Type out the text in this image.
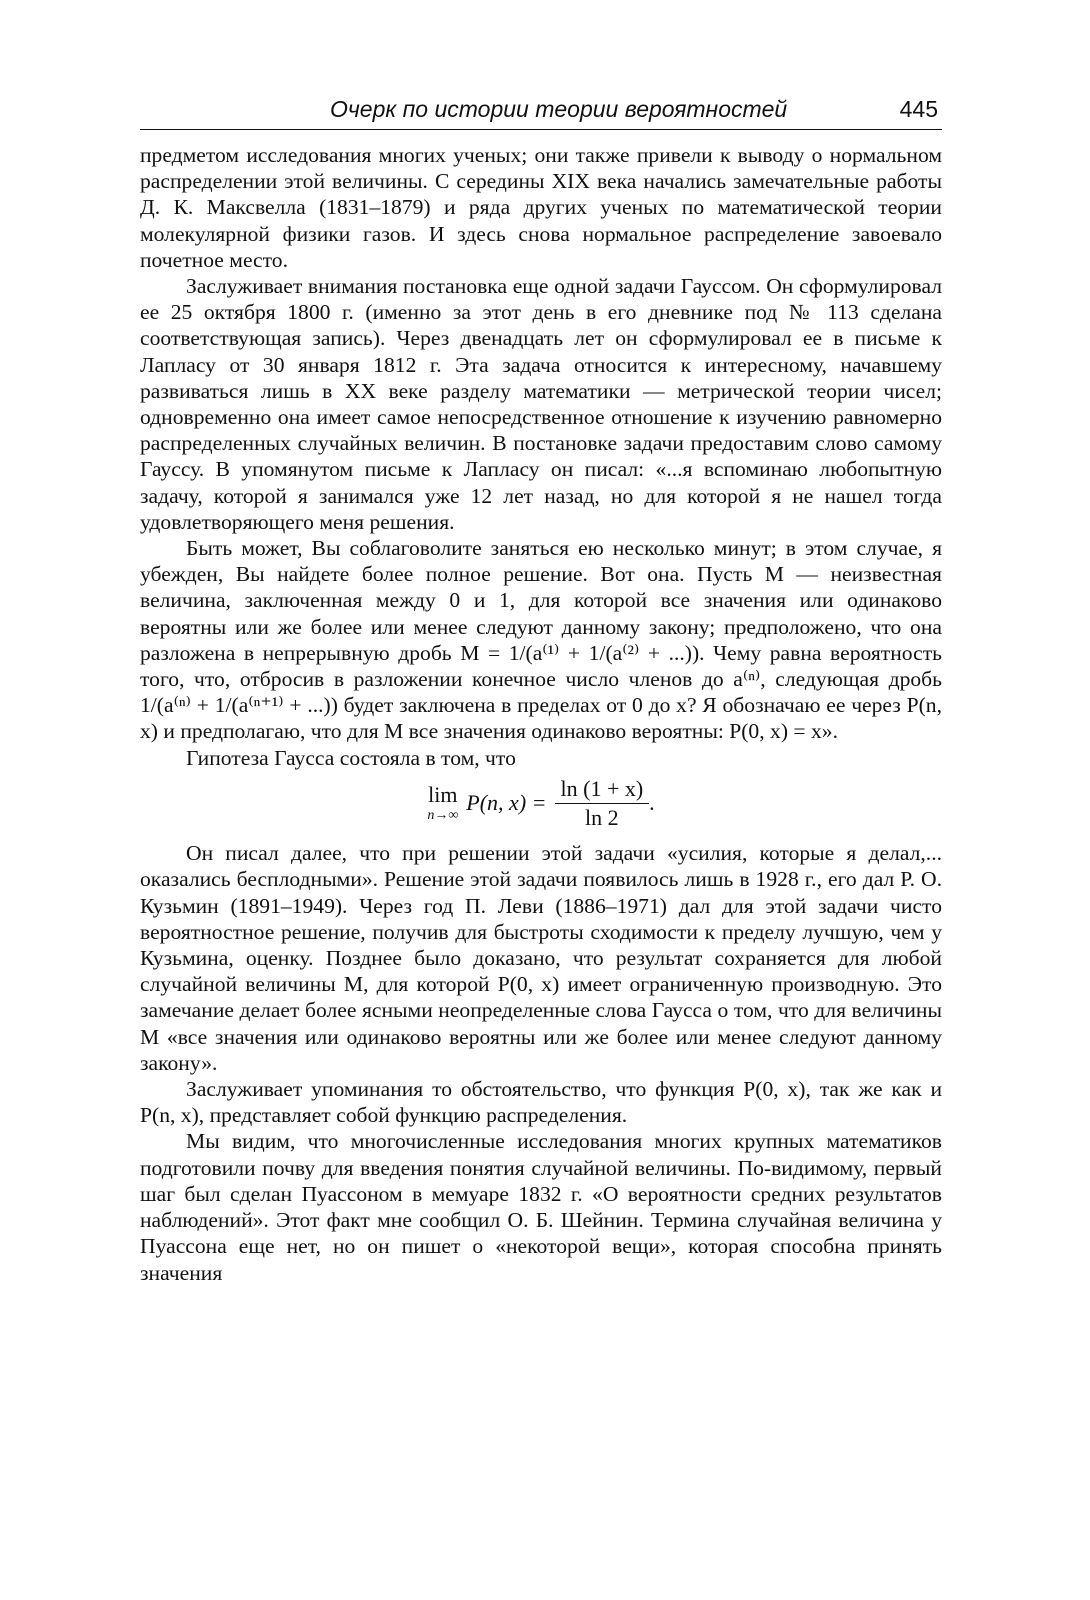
Очерк по истории теории вероятностей	445

предметом исследования многих ученых; они также привели к выводу о нормальном распределении этой величины. С середины XIX века начались замечательные работы Д. К. Максвелла (1831–1879) и ряда других ученых по математической теории молекулярной физики газов. И здесь снова нормальное распределение завоевало почетное место.

Заслуживает внимания постановка еще одной задачи Гауссом. Он сформулировал ее 25 октября 1800 г. (именно за этот день в его дневнике под № 113 сделана соответствующая запись). Через двенадцать лет он сформулировал ее в письме к Лапласу от 30 января 1812 г. Эта задача относится к интересному, начавшему развиваться лишь в XX веке разделу математики — метрической теории чисел; одновременно она имеет самое непосредственное отношение к изучению равномерно распределенных случайных величин. В постановке задачи предоставим слово самому Гауссу. В упомянутом письме к Лапласу он писал: «...я вспоминаю любопытную задачу, которой я занимался уже 12 лет назад, но для которой я не нашел тогда удовлетворяющего меня решения.

Быть может, Вы соблаговолите заняться ею несколько минут; в этом случае, я убежден, Вы найдете более полное решение. Вот она. Пусть M — неизвестная величина, заключенная между 0 и 1, для которой все значения или одинаково вероятны или же более или менее следуют данному закону; предположено, что она разложена в непрерывную дробь M = 1/(a⁽¹⁾ + 1/(a⁽²⁾ + ...)). Чему равна вероятность того, что, отбросив в разложении конечное число членов до a⁽ⁿ⁾, следующая дробь 1/(a⁽ⁿ⁾ + 1/(a⁽ⁿ⁺¹⁾ + ...)) будет заключена в пределах от 0 до x? Я обозначаю ее через P(n, x) и предполагаю, что для M все значения одинаково вероятны: P(0, x) = x».

Гипотеза Гаусса состояла в том, что

lim
n→∞
P(n, $x) = \frac{\ln (1 + x)}{\ln 2}$ .

Он писал далее, что при решении этой задачи «усилия, которые я делал,... оказались бесплодными». Решение этой задачи появилось лишь в 1928 г., его дал Р. О. Кузьмин (1891–1949). Через год П. Леви (1886–1971) дал для этой задачи чисто вероятностное решение, получив для быстроты сходимости к пределу лучшую, чем у Кузьмина, оценку. Позднее было доказано, что результат сохраняется для любой случайной величины M, для которой P(0, x) имеет ограниченную производную. Это замечание делает более ясными неопределенные слова Гаусса о том, что для величины M «все значения или одинаково вероятны или же более или менее следуют данному закону».

Заслуживает упоминания то обстоятельство, что функция P(0, x), так же как и P(n, x), представляет собой функцию распределения.

Мы видим, что многочисленные исследования многих крупных математиков подготовили почву для введения понятия случайной величины. По-видимому, первый шаг был сделан Пуассоном в мемуаре 1832 г. «О вероятности средних результатов наблюдений». Этот факт мне сообщил О. Б. Шейнин. Термина случайная величина у Пуассона еще нет, но он пишет о «некоторой вещи», которая способна принять значения
